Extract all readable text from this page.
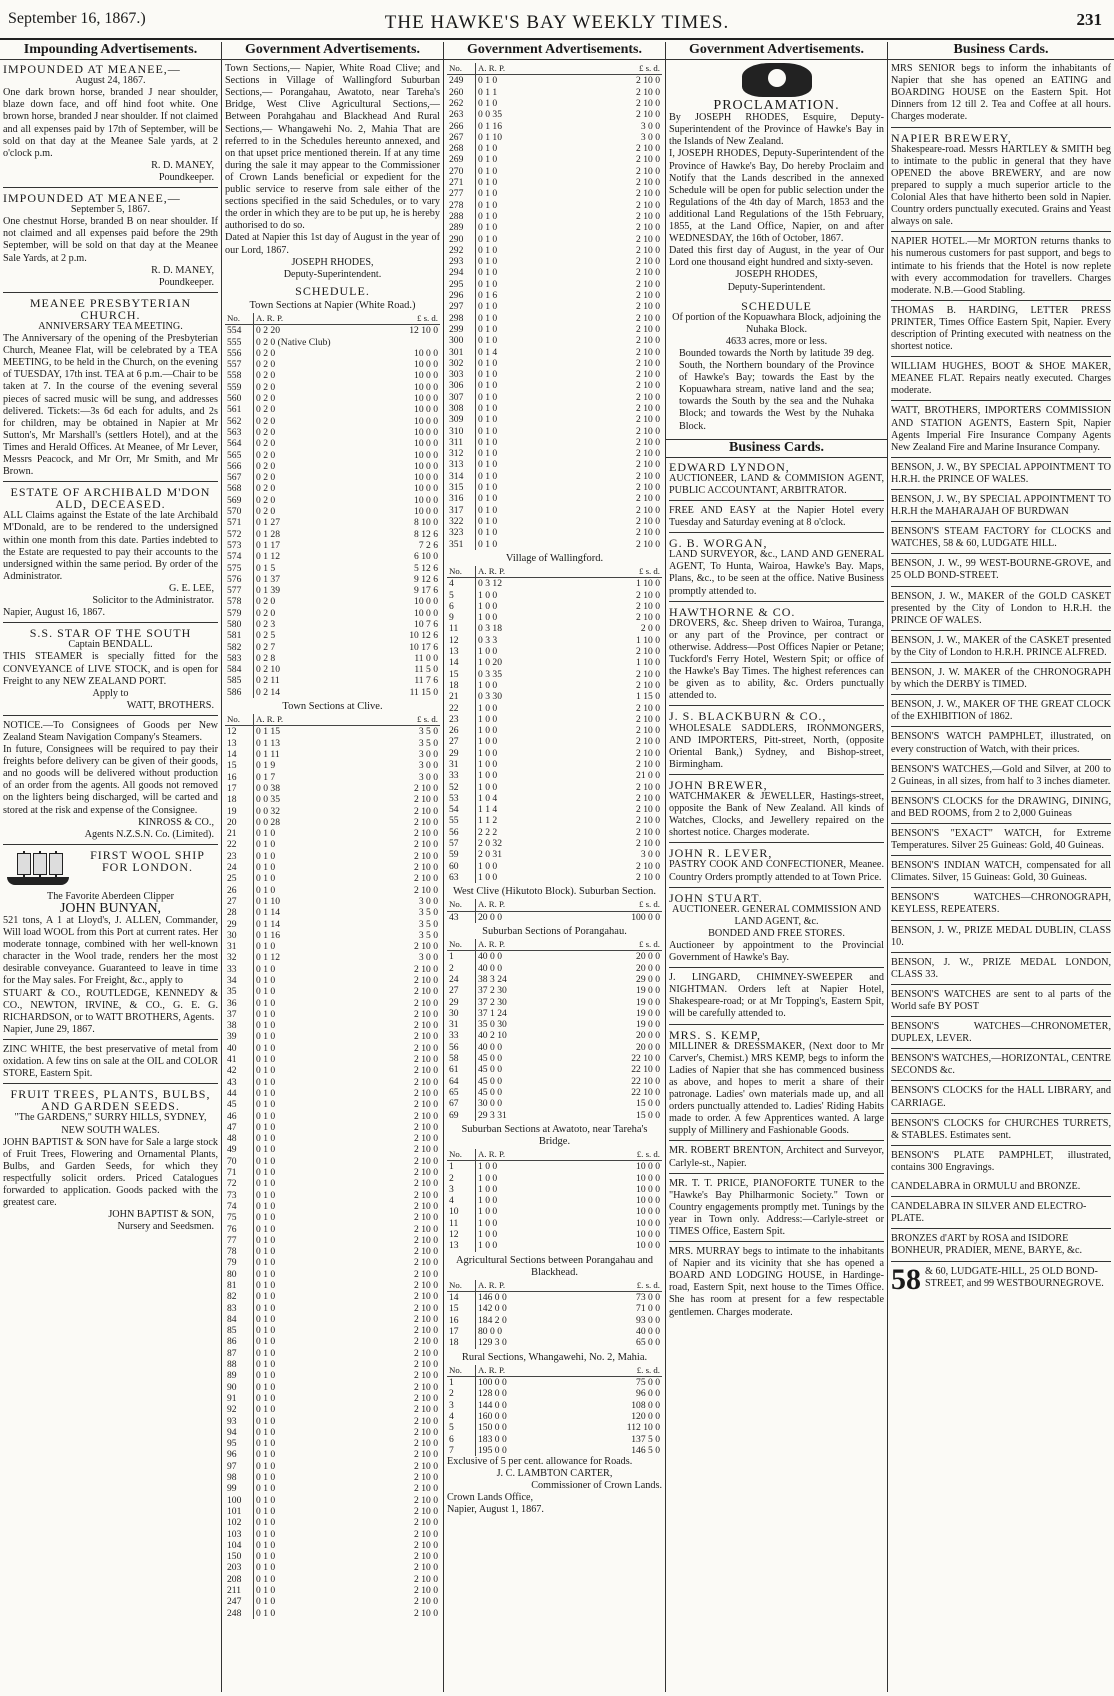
September 16, 1867.)	THE HAWKE'S BAY WEEKLY TIMES.	231
Impounding Advertisements.
IMPOUNDED AT MEANEE,—
August 24, 1867.
One dark brown horse, branded J near shoulder, blaze down face, and off hind foot white. One brown horse, branded J near shoulder. If not claimed and all expenses paid by 17th of September, will be sold on that day at the Meanee Sale yards, at 2 o'clock p.m.
R. D. MANEY,
Poundkeeper.
IMPOUNDED AT MEANEE,—
September 5, 1867.
One chestnut Horse, branded B on near shoulder. If not claimed and all expenses paid before the 29th September, will be sold on that day at the Meanee Sale Yards, at 2 p.m.
R. D. MANEY,
Poundkeeper.
MEANEE PRESBYTERIAN CHURCH.
ANNIVERSARY TEA MEETING.
The Anniversary of the opening of the Presbyterian Church, Meanee Flat, will be celebrated by a TEA MEETING, to be held in the Church, on the evening of TUESDAY, 17th inst. TEA at 6 p.m.—Chair to be taken at 7. In the course of the evening several pieces of sacred music will be sung, and addresses delivered. Tickets:—3s 6d each for adults, and 2s for children, may be obtained in Napier at Mr Sutton's, Mr Marshall's (settlers Hotel), and at the Times and Herald Offices. At Meanee, of Mr Lever, Messrs Peacock, and Mr Orr, Mr Smith, and Mr Brown.
ESTATE OF ARCHIBALD M'DON ALD, DECEASED.
ALL Claims against the Estate of the late Archibald M'Donald, are to be rendered to the undersigned within one month from this date. Parties indebted to the Estate are requested to pay their accounts to the undersigned within the same period. By order of the Administrator.
G. E. LEE,
Solicitor to the Administrator.
Napier, August 16, 1867.
S.S. STAR OF THE SOUTH
Captain BENDALL.
THIS STEAMER is specially fitted for the CONVEYANCE of LIVE STOCK, and is open for Freight to any NEW ZEALAND PORT.
Apply to
WATT, BROTHERS.
NOTICE.—To Consignees of Goods per New Zealand Steam Navigation Company's Steamers.
In future, Consignees will be required to pay their freights before delivery can be given of their goods, and no goods will be delivered without production of an order from the agents. All goods not removed on the lighters being discharged, will be carted and stored at the risk and expense of the Consignee.
KINROSS & CO.,
Agents N.Z.S.N. Co. (Limited).
FIRST WOOL SHIP FOR LONDON.
The Favorite Aberdeen Clipper
JOHN BUNYAN,
521 tons, A 1 at Lloyd's, J. ALLEN, Commander, Will load WOOL from this Port at current rates. Her moderate tonnage, combined with her well-known character in the Wool trade, renders her the most desirable conveyance. Guaranteed to leave in time for the May sales. For Freight, &c., apply to
STUART & CO., ROUTLEDGE, KENNEDY & CO., NEWTON, IRVINE, & CO., G. E. G. RICHARDSON, or to WATT BROTHERS, Agents.
Napier, June 29, 1867.
ZINC WHITE, the best preservative of metal from oxidation. A few tins on sale at the OIL and COLOR STORE, Eastern Spit.
FRUIT TREES, PLANTS, BULBS, AND GARDEN SEEDS.
"The GARDENS," SURRY HILLS, SYDNEY, NEW SOUTH WALES.
JOHN BAPTIST & SON have for Sale a large stock of Fruit Trees, Flowering and Ornamental Plants, Bulbs, and Garden Seeds, for which they respectfully solicit orders. Priced Catalogues forwarded to application. Goods packed with the greatest care.
JOHN BAPTIST & SON,
Nursery and Seedsmen.
Government Advertisements.
Town Sections,— Napier, White Road Clive; and Sections in Village of Wallingford Suburban Sections,— Porangahau, Awatoto, near Tareha's Bridge, West Clive Agricultural Sections,— Between Porahgahau and Blackhead And Rural Sections,— Whangawehi No. 2, Mahia That are referred to in the Schedules hereunto annexed, and on that upset price mentioned therein. If at any time during the sale it may appear to the Commissioner of Crown Lands beneficial or expedient for the public service to reserve from sale either of the sections specified in the said Schedules, or to vary the order in which they are to be put up, he is hereby authorised to do so.
Dated at Napier this 1st day of August in the year of our Lord, 1867.
JOSEPH RHODES,
Deputy-Superintendent.
SCHEDULE.
Town Sections at Napier (White Road.)
No.	A. R. P.	£ s. d.
554	0 2 20	12 10 0
555	0 2 0 (Native Club)	
556	0 2 0	10 0 0
557	0 2 0	10 0 0
558	0 2 0	10 0 0
559	0 2 0	10 0 0
560	0 2 0	10 0 0
561	0 2 0	10 0 0
562	0 2 0	10 0 0
563	0 2 0	10 0 0
564	0 2 0	10 0 0
565	0 2 0	10 0 0
566	0 2 0	10 0 0
567	0 2 0	10 0 0
568	0 2 0	10 0 0
569	0 2 0	10 0 0
570	0 2 0	10 0 0
571	0 1 27	8 10 0
572	0 1 28	8 12 6
573	0 1 17	7 2 6
574	0 1 12	6 10 0
575	0 1 5	5 12 6
576	0 1 37	9 12 6
577	0 1 39	9 17 6
578	0 2 0	10 0 0
579	0 2 0	10 0 0
580	0 2 3	10 7 6
581	0 2 5	10 12 6
582	0 2 7	10 17 6
583	0 2 8	11 0 0
584	0 2 10	11 5 0
585	0 2 11	11 7 6
586	0 2 14	11 15 0
Town Sections at Clive.
No.	A. R. P.	£ s. d.
12	0 1 15	3 5 0
13	0 1 13	3 5 0
14	0 1 11	3 0 0
15	0 1 9	3 0 0
16	0 1 7	3 0 0
17	0 0 38	2 10 0
18	0 0 35	2 10 0
19	0 0 32	2 10 0
20	0 0 28	2 10 0
21	0 1 0	2 10 0
22	0 1 0	2 10 0
23	0 1 0	2 10 0
24	0 1 0	2 10 0
25	0 1 0	2 10 0
26	0 1 0	2 10 0
27	0 1 10	3 0 0
28	0 1 14	3 5 0
29	0 1 14	3 5 0
30	0 1 16	3 5 0
31	0 1 0	2 10 0
32	0 1 12	3 0 0
33	0 1 0	2 10 0
34	0 1 0	2 10 0
35	0 1 0	2 10 0
36	0 1 0	2 10 0
37	0 1 0	2 10 0
38	0 1 0	2 10 0
39	0 1 0	2 10 0
40	0 1 0	2 10 0
41	0 1 0	2 10 0
42	0 1 0	2 10 0
43	0 1 0	2 10 0
44	0 1 0	2 10 0
45	0 1 0	2 10 0
46	0 1 0	2 10 0
47	0 1 0	2 10 0
48	0 1 0	2 10 0
49	0 1 0	2 10 0
70	0 1 0	2 10 0
71	0 1 0	2 10 0
72	0 1 0	2 10 0
73	0 1 0	2 10 0
74	0 1 0	2 10 0
75	0 1 0	2 10 0
76	0 1 0	2 10 0
77	0 1 0	2 10 0
78	0 1 0	2 10 0
79	0 1 0	2 10 0
80	0 1 0	2 10 0
81	0 1 0	2 10 0
82	0 1 0	2 10 0
83	0 1 0	2 10 0
84	0 1 0	2 10 0
85	0 1 0	2 10 0
86	0 1 0	2 10 0
87	0 1 0	2 10 0
88	0 1 0	2 10 0
89	0 1 0	2 10 0
90	0 1 0	2 10 0
91	0 1 0	2 10 0
92	0 1 0	2 10 0
93	0 1 0	2 10 0
94	0 1 0	2 10 0
95	0 1 0	2 10 0
96	0 1 0	2 10 0
97	0 1 0	2 10 0
98	0 1 0	2 10 0
99	0 1 0	2 10 0
100	0 1 0	2 10 0
101	0 1 0	2 10 0
102	0 1 0	2 10 0
103	0 1 0	2 10 0
104	0 1 0	2 10 0
150	0 1 0	2 10 0
203	0 1 0	2 10 0
208	0 1 0	2 10 0
211	0 1 0	2 10 0
247	0 1 0	2 10 0
248	0 1 0	2 10 0
Government Advertisements.
No.	A. R. P.	£ s. d.
249	0 1 0	2 10 0
260	0 1 1	2 10 0
262	0 1 0	2 10 0
263	0 0 35	2 10 0
266	0 1 16	3 0 0
267	0 1 10	3 0 0
268	0 1 0	2 10 0
269	0 1 0	2 10 0
270	0 1 0	2 10 0
271	0 1 0	2 10 0
277	0 1 0	2 10 0
278	0 1 0	2 10 0
288	0 1 0	2 10 0
289	0 1 0	2 10 0
290	0 1 0	2 10 0
292	0 1 0	2 10 0
293	0 1 0	2 10 0
294	0 1 0	2 10 0
295	0 1 0	2 10 0
296	0 1 6	2 10 0
297	0 1 0	2 10 0
298	0 1 0	2 10 0
299	0 1 0	2 10 0
300	0 1 0	2 10 0
301	0 1 4	2 10 0
302	0 1 0	2 10 0
303	0 1 0	2 10 0
306	0 1 0	2 10 0
307	0 1 0	2 10 0
308	0 1 0	2 10 0
309	0 1 0	2 10 0
310	0 1 0	2 10 0
311	0 1 0	2 10 0
312	0 1 0	2 10 0
313	0 1 0	2 10 0
314	0 1 0	2 10 0
315	0 1 0	2 10 0
316	0 1 0	2 10 0
317	0 1 0	2 10 0
322	0 1 0	2 10 0
323	0 1 0	2 10 0
351	0 1 0	2 10 0
Village of Wallingford.
No.	A. R. P.	£ s. d.
4	0 3 12	1 10 0
5	1 0 0	2 10 0
6	1 0 0	2 10 0
9	1 0 0	2 10 0
11	0 3 18	2 0 0
12	0 3 3	1 10 0
13	1 0 0	2 10 0
14	1 0 20	1 10 0
15	0 3 35	2 10 0
18	1 0 0	2 10 0
21	0 3 30	1 15 0
22	1 0 0	2 10 0
23	1 0 0	2 10 0
26	1 0 0	2 10 0
27	1 0 0	2 10 0
29	1 0 0	2 10 0
31	1 0 0	2 10 0
33	1 0 0	21 0 0
52	1 0 0	2 10 0
53	1 0 4	2 10 0
54	1 1 4	2 10 0
55	1 1 2	2 10 0
56	2 2 2	2 10 0
57	2 0 32	2 10 0
59	2 0 31	3 0 0
60	1 0 0	2 10 0
63	1 0 0	2 10 0
West Clive (Hikutoto Block). Suburban Section.
No.	A. R. P.	£ s. d.
43	20 0 0	100 0 0
Suburban Sections of Porangahau.
No.	A. R. P.	£ s. d.
1	40 0 0	20 0 0
2	40 0 0	20 0 0
24	38 3 24	29 0 0
27	37 2 30	19 0 0
29	37 2 30	19 0 0
30	37 1 24	19 0 0
31	35 0 30	19 0 0
33	40 2 10	20 0 0
56	40 0 0	20 0 0
58	45 0 0	22 10 0
61	45 0 0	22 10 0
64	45 0 0	22 10 0
65	45 0 0	22 10 0
67	30 0 0	15 0 0
69	29 3 31	15 0 0
Suburban Sections at Awatoto, near Tareha's Bridge.
No.	A. R. P.	£. s. d.
1	1 0 0	10 0 0
2	1 0 0	10 0 0
3	1 0 0	10 0 0
4	1 0 0	10 0 0
10	1 0 0	10 0 0
11	1 0 0	10 0 0
12	1 0 0	10 0 0
13	1 0 0	10 0 0
Agricultural Sections between Porangahau and Blackhead.
No.	A. R. P.	£. s. d.
14	146 0 0	73 0 0
15	142 0 0	71 0 0
16	184 2 0	93 0 0
17	80 0 0	40 0 0
18	129 3 0	65 0 0
Rural Sections, Whangawehi, No. 2, Mahia.
No.	A. R. P.	£. s. d.
1	100 0 0	75 0 0
2	128 0 0	96 0 0
3	144 0 0	108 0 0
4	160 0 0	120 0 0
5	150 0 0	112 10 0
6	183 0 0	137 5 0
7	195 0 0	146 5 0
Exclusive of 5 per cent. allowance for Roads.
J. C. LAMBTON CARTER,
Commissioner of Crown Lands.
Crown Lands Office,
Napier, August 1, 1867.
Government Advertisements.
PROCLAMATION.
By JOSEPH RHODES, Esquire, Deputy-Superintendent of the Province of Hawke's Bay in the Islands of New Zealand.
I, JOSEPH RHODES, Deputy-Superintendent of the Province of Hawke's Bay, Do hereby Proclaim and Notify that the Lands described in the annexed Schedule will be open for public selection under the Regulations of the 4th day of March, 1853 and the additional Land Regulations of the 15th February, 1855, at the Land Office, Napier, on and after WEDNESDAY, the 16th of October, 1867.
Dated this first day of August, in the year of Our Lord one thousand eight hundred and sixty-seven.
JOSEPH RHODES,
Deputy-Superintendent.
SCHEDULE
Of portion of the Kopuawhara Block, adjoining the Nuhaka Block.
4633 acres, more or less.
Bounded towards the North by latitude 39 deg. South, the Northern boundary of the Province of Hawke's Bay; towards the East by the Kopuawhara stream, native land and the sea; towards the South by the sea and the Nuhaka Block; and towards the West by the Nuhaka Block.
Business Cards.
EDWARD LYNDON,
AUCTIONEER, LAND & COMMISION AGENT, PUBLIC ACCOUNTANT, ARBITRATOR.
FREE AND EASY at the Napier Hotel every Tuesday and Saturday evening at 8 o'clock.
G. B. WORGAN,
LAND SURVEYOR, &c., LAND AND GENERAL AGENT, To Hunta, Wairoa, Hawke's Bay. Maps, Plans, &c., to be seen at the office. Native Business promptly attended to.
HAWTHORNE & CO.
DROVERS, &c. Sheep driven to Wairoa, Turanga, or any part of the Province, per contract or otherwise. Address—Post Offices Napier or Petane; Tuckford's Ferry Hotel, Western Spit; or office of the Hawke's Bay Times. The highest references can be given as to ability, &c. Orders punctually attended to.
J. S. BLACKBURN & CO.,
WHOLESALE SADDLERS, IRONMONGERS, AND IMPORTERS, Pitt-street, North, (opposite Oriental Bank,) Sydney, and Bishop-street, Birmingham.
JOHN BREWER,
WATCHMAKER & JEWELLER, Hastings-street, opposite the Bank of New Zealand. All kinds of Watches, Clocks, and Jewellery repaired on the shortest notice. Charges moderate.
JOHN R. LEVER,
PASTRY COOK AND CONFECTIONER, Meanee. Country Orders promptly attended to at Town Price.
JOHN STUART.
AUCTIONEER. GENERAL COMMISSION AND LAND AGENT, &c.
BONDED AND FREE STORES.
Auctioneer by appointment to the Provincial Government of Hawke's Bay.
J. LINGARD, CHIMNEY-SWEEPER and NIGHTMAN. Orders left at Napier Hotel, Shakespeare-road; or at Mr Topping's, Eastern Spit, will be carefully attended to.
MRS. S. KEMP,
MILLINER & DRESSMAKER, (Next door to Mr Carver's, Chemist.) MRS KEMP, begs to inform the Ladies of Napier that she has commenced business as above, and hopes to merit a share of their patronage. Ladies' own materials made up, and all orders punctually attended to. Ladies' Riding Habits made to order. A few Apprentices wanted. A large supply of Millinery and Fashionable Goods.
MR. ROBERT BRENTON, Architect and Surveyor, Carlyle-st., Napier.
MR. T. T. PRICE, PIANOFORTE TUNER to the "Hawke's Bay Philharmonic Society." Town or Country engagements promptly met. Tunings by the year in Town only. Address:—Carlyle-street or TIMES Office, Eastern Spit.
MRS. MURRAY begs to intimate to the inhabitants of Napier and its vicinity that she has opened a BOARD AND LODGING HOUSE, in Hardinge-road, Eastern Spit, next house to the Times Office. She has room at present for a few respectable gentlemen. Charges moderate.
Business Cards.
MRS SENIOR begs to inform the inhabitants of Napier that she has opened an EATING and BOARDING HOUSE on the Eastern Spit. Hot Dinners from 12 till 2. Tea and Coffee at all hours. Charges moderate.
NAPIER BREWERY,
Shakespeare-road. Messrs HARTLEY & SMITH beg to intimate to the public in general that they have OPENED the above BREWERY, and are now prepared to supply a much superior article to the Colonial Ales that have hitherto been sold in Napier. Country orders punctually executed. Grains and Yeast always on sale.
NAPIER HOTEL.—Mr MORTON returns thanks to his numerous customers for past support, and begs to intimate to his friends that the Hotel is now replete with every accommodation for travellers. Charges moderate. N.B.—Good Stabling.
THOMAS B. HARDING, LETTER PRESS PRINTER, Times Office Eastern Spit, Napier. Every description of Printing executed with neatness on the shortest notice.
WILLIAM HUGHES, BOOT & SHOE MAKER, MEANEE FLAT. Repairs neatly executed. Charges moderate.
WATT, BROTHERS, IMPORTERS COMMISSION AND STATION AGENTS, Eastern Spit, Napier Agents Imperial Fire Insurance Company Agents New Zealand Fire and Marine Insurance Company.
BENSON, J. W., BY SPECIAL APPOINTMENT TO H.R.H. the PRINCE OF WALES.
BENSON, J. W., BY SPECIAL APPOINTMENT TO H.R.H the MAHARAJAH OF BURDWAN
BENSON'S STEAM FACTORY for CLOCKS and WATCHES, 58 & 60, LUDGATE HILL.
BENSON, J. W., 99 WEST-BOURNE-GROVE, and 25 OLD BOND-STREET.
BENSON, J. W., MAKER of the GOLD CASKET presented by the City of London to H.R.H. the PRINCE OF WALES.
BENSON, J. W., MAKER of the CASKET presented by the City of London to H.R.H. PRINCE ALFRED.
BENSON, J. W. MAKER of the CHRONOGRAPH by which the DERBY is TIMED.
BENSON, J. W., MAKER OF THE GREAT CLOCK of the EXHIBITION of 1862.
BENSON'S WATCH PAMPHLET, illustrated, on every construction of Watch, with their prices.
BENSON'S WATCHES,—Gold and Silver, at 200 to 2 Guineas, in all sizes, from half to 3 inches diameter.
BENSON'S CLOCKS for the DRAWING, DINING, and BED ROOMS, from 2 to 2,000 Guineas
BENSON'S "EXACT" WATCH, for Extreme Temperatures. Silver 25 Guineas: Gold, 40 Guineas.
BENSON'S INDIAN WATCH, compensated for all Climates. Silver, 15 Guineas: Gold, 30 Guineas.
BENSON'S WATCHES—CHRONOGRAPH, KEYLESS, REPEATERS.
BENSON, J. W., PRIZE MEDAL DUBLIN, CLASS 10.
BENSON, J. W., PRIZE MEDAL LONDON, CLASS 33.
BENSON'S WATCHES are sent to al parts of the World safe BY POST
BENSON'S WATCHES—CHRONOMETER, DUPLEX, LEVER.
BENSON'S WATCHES,—HORIZONTAL, CENTRE SECONDS &c.
BENSON'S CLOCKS for the HALL LIBRARY, and CARRIAGE.
BENSON'S CLOCKS for CHURCHES TURRETS, & STABLES. Estimates sent.
BENSON'S PLATE PAMPHLET, illustrated, contains 300 Engravings.
CANDELABRA in ORMULU and BRONZE.
CANDELABRA IN SILVER AND ELECTRO-PLATE.
BRONZES d'ART by ROSA and ISIDORE BONHEUR, PRADIER, MENE, BARYE, &c.
58 & 60, LUDGATE-HILL, 25 OLD BOND-STREET, and 99 WESTBOURNEGROVE.
